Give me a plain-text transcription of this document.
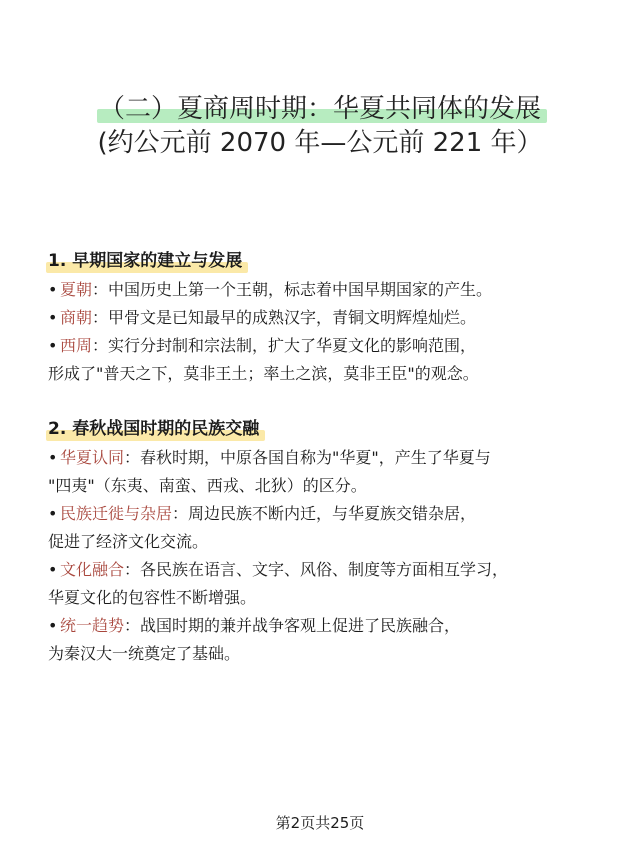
（二）夏商周时期：华夏共同体的发展
(约公元前 2070 年—公元前 221 年）
1. 早期国家的建立与发展
• 夏朝：中国历史上第一个王朝，标志着中国早期国家的产生。
• 商朝：甲骨文是已知最早的成熟汉字，青铜文明辉煌灿烂。
• 西周：实行分封制和宗法制，扩大了华夏文化的影响范围，
形成了"普天之下，莫非王土；率土之滨，莫非王臣"的观念。
2. 春秋战国时期的民族交融
• 华夏认同：春秋时期，中原各国自称为"华夏"，产生了华夏与
"四夷"（东夷、南蛮、西戎、北狄）的区分。
• 民族迁徙与杂居：周边民族不断内迁，与华夏族交错杂居，
促进了经济文化交流。
• 文化融合：各民族在语言、文字、风俗、制度等方面相互学习，
华夏文化的包容性不断增强。
• 统一趋势：战国时期的兼并战争客观上促进了民族融合，
为秦汉大一统奠定了基础。
第2页共25页
